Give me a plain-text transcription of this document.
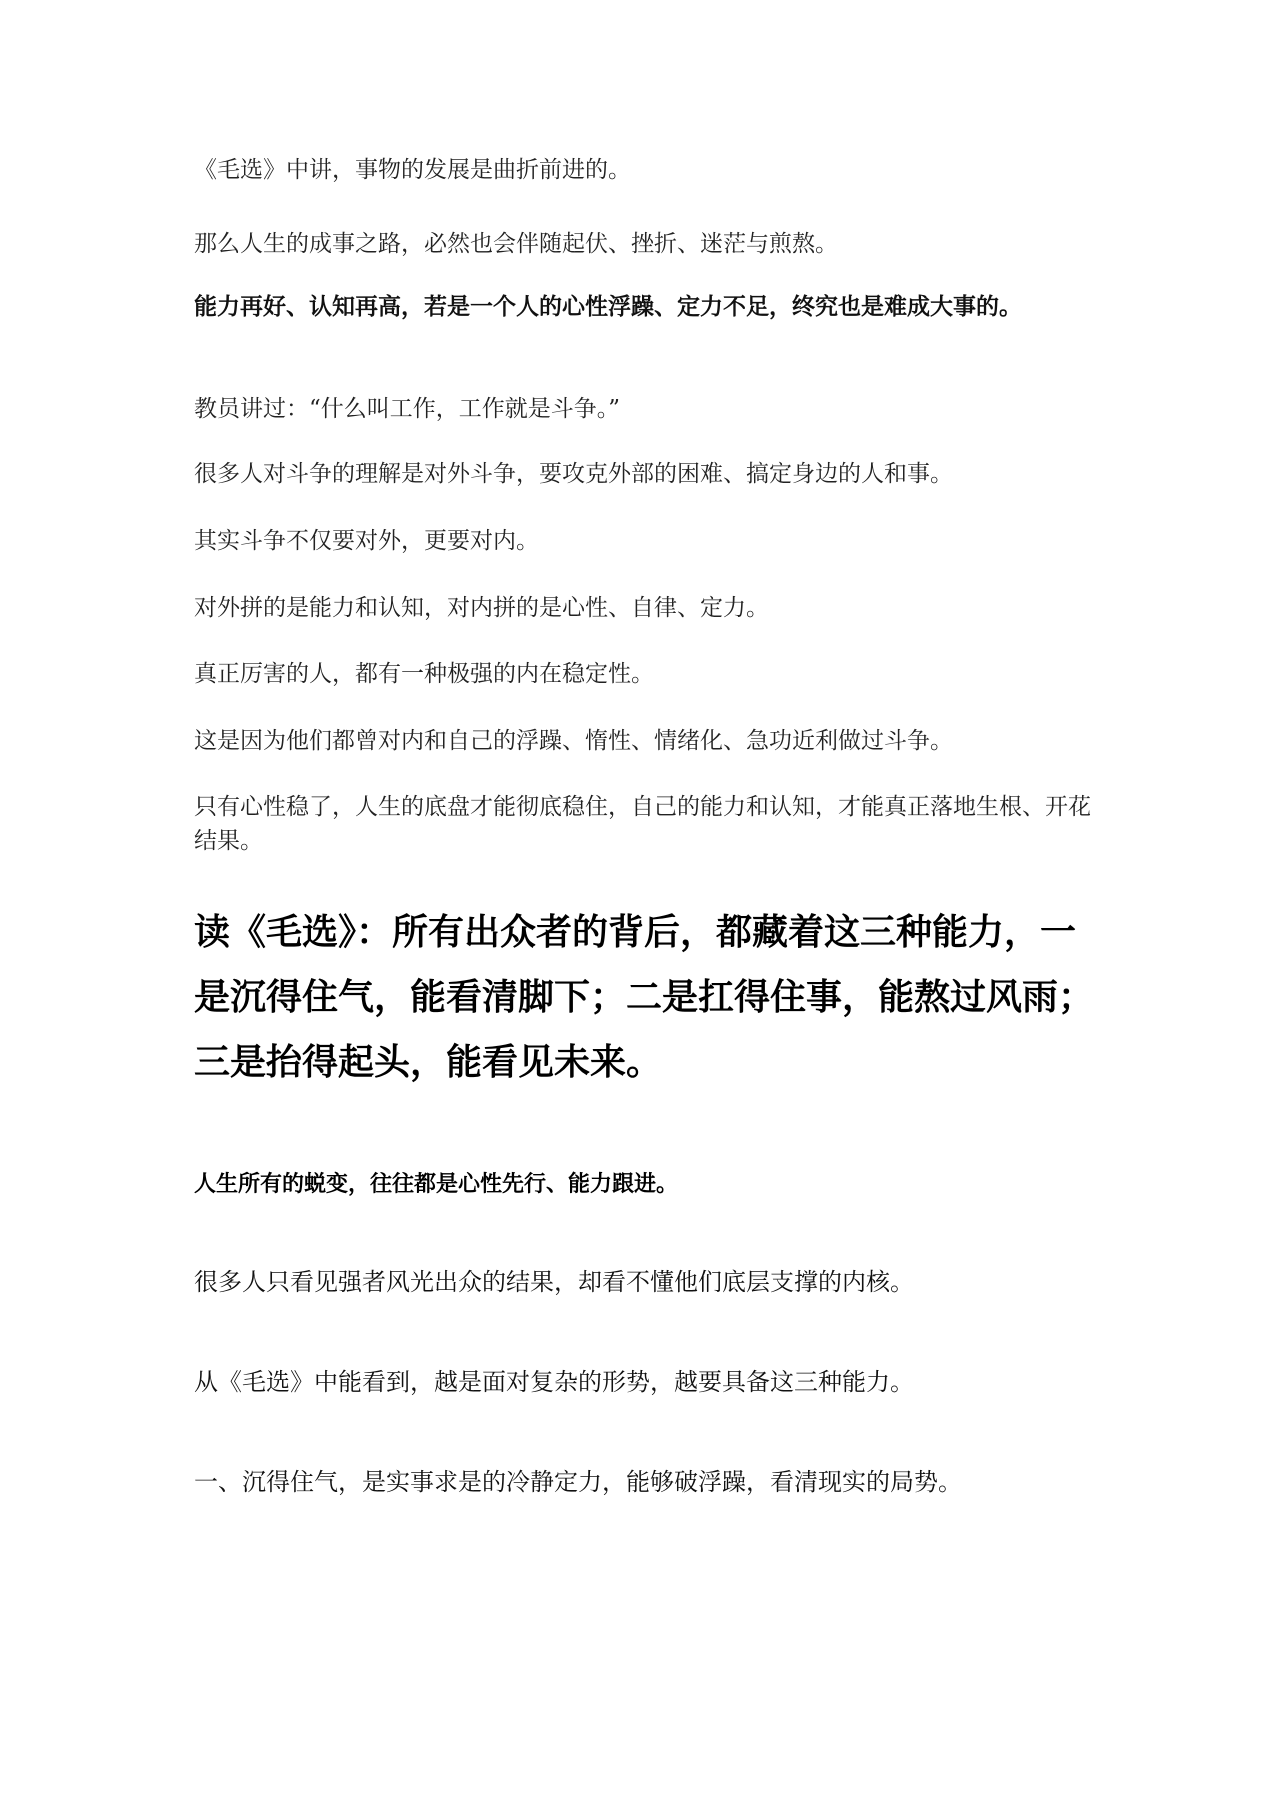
《毛选》中讲，事物的发展是曲折前进的。

那么人生的成事之路，必然也会伴随起伏、挫折、迷茫与煎熬。

能力再好、认知再高，若是一个人的心性浮躁、定力不足，终究也是难成大事的。

教员讲过：“什么叫工作，工作就是斗争。”

很多人对斗争的理解是对外斗争，要攻克外部的困难、搞定身边的人和事。

其实斗争不仅要对外，更要对内。

对外拼的是能力和认知，对内拼的是心性、自律、定力。

真正厉害的人，都有一种极强的内在稳定性。

这是因为他们都曾对内和自己的浮躁、惰性、情绪化、急功近利做过斗争。

只有心性稳了，人生的底盘才能彻底稳住，自己的能力和认知，才能真正落地生根、开花结果。

读《毛选》：所有出众者的背后，都藏着这三种能力，一是沉得住气，能看清脚下；二是扛得住事，能熬过风雨；三是抬得起头，能看见未来。

人生所有的蜕变，往往都是心性先行、能力跟进。

很多人只看见强者风光出众的结果，却看不懂他们底层支撑的内核。

从《毛选》中能看到，越是面对复杂的形势，越要具备这三种能力。

一、沉得住气，是实事求是的冷静定力，能够破浮躁，看清现实的局势。
